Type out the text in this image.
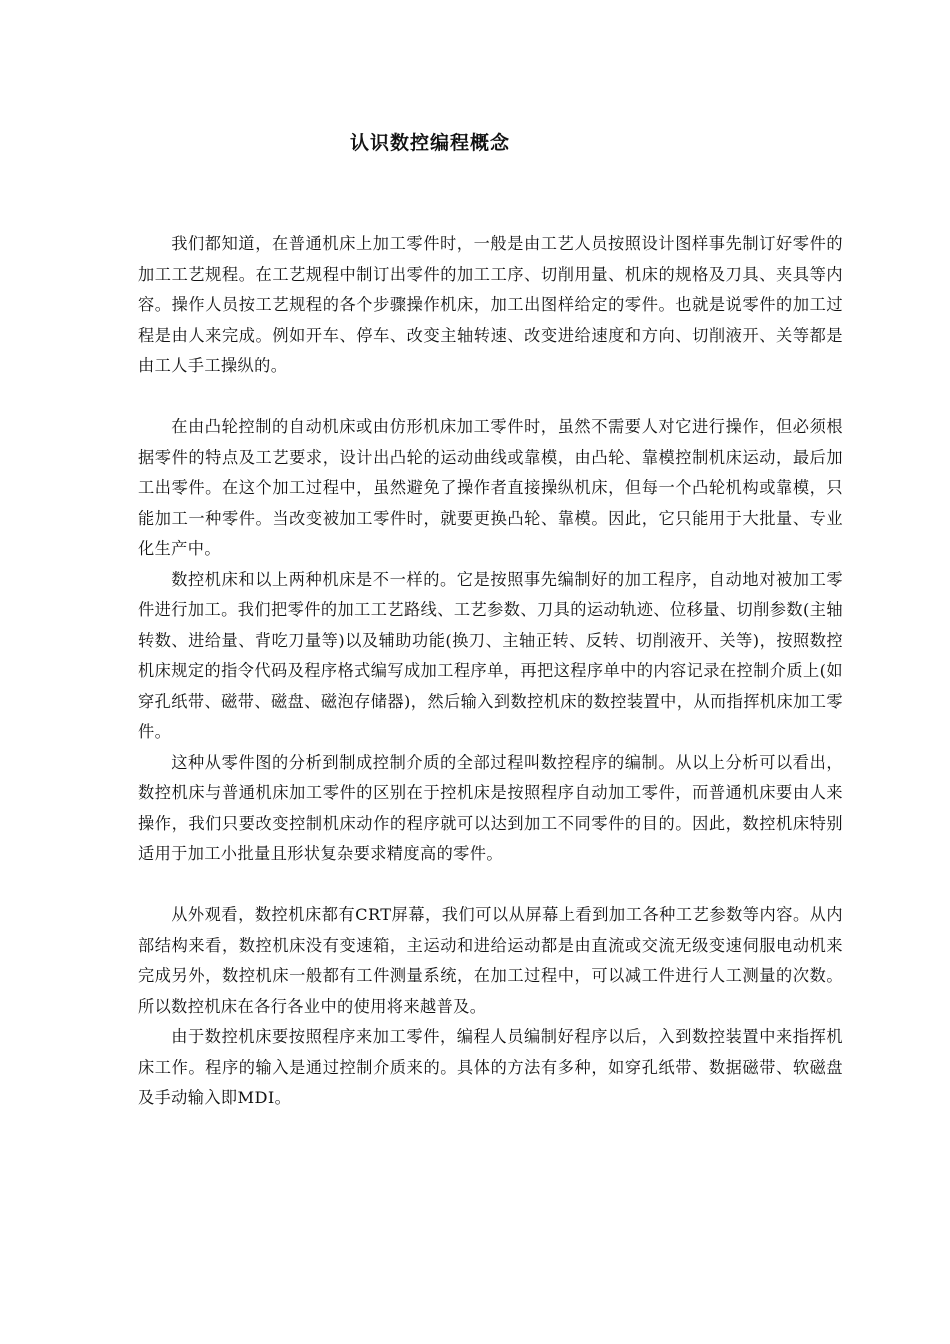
认识数控编程概念

我们都知道，在普通机床上加工零件时，一般是由工艺人员按照设计图样事先制订好零件的加工工艺规程。在工艺规程中制订出零件的加工工序、切削用量、机床的规格及刀具、夹具等内容。操作人员按工艺规程的各个步骤操作机床，加工出图样给定的零件。也就是说零件的加工过程是由人来完成。例如开车、停车、改变主轴转速、改变进给速度和方向、切削液开、关等都是由工人手工操纵的。

在由凸轮控制的自动机床或由仿形机床加工零件时，虽然不需要人对它进行操作，但必须根据零件的特点及工艺要求，设计出凸轮的运动曲线或靠模，由凸轮、靠模控制机床运动，最后加工出零件。在这个加工过程中，虽然避免了操作者直接操纵机床，但每一个凸轮机构或靠模，只能加工一种零件。当改变被加工零件时，就要更换凸轮、靠模。因此，它只能用于大批量、专业化生产中。

数控机床和以上两种机床是不一样的。它是按照事先编制好的加工程序，自动地对被加工零件进行加工。我们把零件的加工工艺路线、工艺参数、刀具的运动轨迹、位移量、切削参数(主轴转数、进给量、背吃刀量等)以及辅助功能(换刀、主轴正转、反转、切削液开、关等)，按照数控机床规定的指令代码及程序格式编写成加工程序单，再把这程序单中的内容记录在控制介质上(如穿孔纸带、磁带、磁盘、磁泡存储器)，然后输入到数控机床的数控装置中，从而指挥机床加工零件。

这种从零件图的分析到制成控制介质的全部过程叫数控程序的编制。从以上分析可以看出，数控机床与普通机床加工零件的区别在于控机床是按照程序自动加工零件，而普通机床要由人来操作，我们只要改变控制机床动作的程序就可以达到加工不同零件的目的。因此，数控机床特别适用于加工小批量且形状复杂要求精度高的零件。

从外观看，数控机床都有CRT屏幕，我们可以从屏幕上看到加工各种工艺参数等内容。从内部结构来看，数控机床没有变速箱，主运动和进给运动都是由直流或交流无级变速伺服电动机来完成另外，数控机床一般都有工件测量系统，在加工过程中，可以减工件进行人工测量的次数。所以数控机床在各行各业中的使用将来越普及。

由于数控机床要按照程序来加工零件，编程人员编制好程序以后，入到数控装置中来指挥机床工作。程序的输入是通过控制介质来的。具体的方法有多种，如穿孔纸带、数据磁带、软磁盘及手动输入即MDI。
